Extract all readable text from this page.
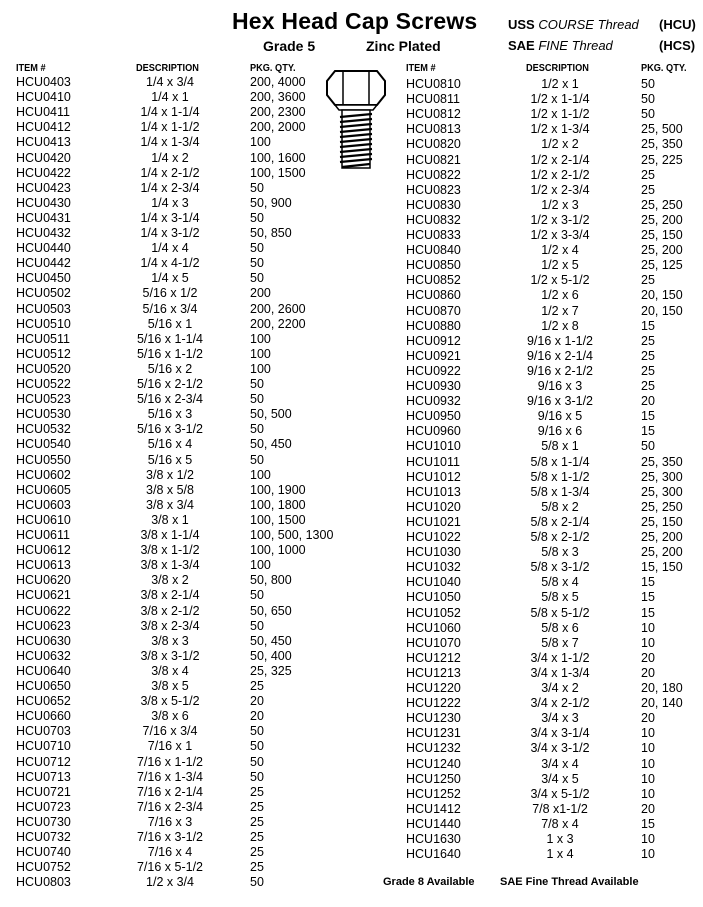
Hex Head Cap Screws
Grade 5	Zinc Plated
USS COURSE Thread (HCU)
SAE FINE Thread	(HCS)
ITEM #	DESCRIPTION	PKG. QTY.	ITEM #	DESCRIPTION	PKG. QTY.
HCU0403	1/4 x 3/4	200, 4000
HCU0410	1/4 x 1	200, 3600
HCU0411	1/4 x 1-1/4	200, 2300
HCU0412	1/4 x 1-1/2	200, 2000
HCU0413	1/4 x 1-3/4	100
HCU0420	1/4 x 2	100, 1600
HCU0422	1/4 x 2-1/2	100, 1500
HCU0423	1/4 x 2-3/4	50
HCU0430	1/4 x 3	50, 900
HCU0431	1/4 x 3-1/4	50
HCU0432	1/4 x 3-1/2	50, 850
HCU0440	1/4 x 4	50
HCU0442	1/4 x 4-1/2	50
HCU0450	1/4 x 5	50
HCU0502	5/16 x 1/2	200
HCU0503	5/16 x 3/4	200, 2600
HCU0510	5/16 x 1	200, 2200
HCU0511	5/16 x 1-1/4	100
HCU0512	5/16 x 1-1/2	100
HCU0520	5/16 x 2	100
HCU0522	5/16 x 2-1/2	50
HCU0523	5/16 x 2-3/4	50
HCU0530	5/16 x 3	50, 500
HCU0532	5/16 x 3-1/2	50
HCU0540	5/16 x 4	50, 450
HCU0550	5/16 x 5	50
HCU0602	3/8 x 1/2	100
HCU0605	3/8 x 5/8	100, 1900
HCU0603	3/8 x 3/4	100, 1800
HCU0610	3/8 x 1	100, 1500
HCU0611	3/8 x 1-1/4	100, 500, 1300
HCU0612	3/8 x 1-1/2	100, 1000
HCU0613	3/8 x 1-3/4	100
HCU0620	3/8 x 2	50, 800
HCU0621	3/8 x 2-1/4	50
HCU0622	3/8 x 2-1/2	50, 650
HCU0623	3/8 x 2-3/4	50
HCU0630	3/8 x 3	50, 450
HCU0632	3/8 x 3-1/2	50, 400
HCU0640	3/8 x 4	25, 325
HCU0650	3/8 x 5	25
HCU0652	3/8 x 5-1/2	20
HCU0660	3/8 x 6	20
HCU0703	7/16 x 3/4	50
HCU0710	7/16 x 1	50
HCU0712	7/16 x 1-1/2	50
HCU0713	7/16 x 1-3/4	50
HCU0721	7/16 x 2-1/4	25
HCU0723	7/16 x 2-3/4	25
HCU0730	7/16 x 3	25
HCU0732	7/16 x 3-1/2	25
HCU0740	7/16 x 4	25
HCU0752	7/16 x 5-1/2	25
HCU0803	1/2 x 3/4	50
HCU0810	1/2 x 1	50
HCU0811	1/2 x 1-1/4	50
HCU0812	1/2 x 1-1/2	50
HCU0813	1/2 x 1-3/4	25, 500
HCU0820	1/2 x 2	25, 350
HCU0821	1/2 x 2-1/4	25, 225
HCU0822	1/2 x 2-1/2	25
HCU0823	1/2 x 2-3/4	25
HCU0830	1/2 x 3	25, 250
HCU0832	1/2 x 3-1/2	25, 200
HCU0833	1/2 x 3-3/4	25, 150
HCU0840	1/2 x 4	25, 200
HCU0850	1/2 x 5	25, 125
HCU0852	1/2 x 5-1/2	25
HCU0860	1/2 x 6	20, 150
HCU0870	1/2 x 7	20, 150
HCU0880	1/2 x 8	15
HCU0912	9/16 x 1-1/2	25
HCU0921	9/16 x 2-1/4	25
HCU0922	9/16 x 2-1/2	25
HCU0930	9/16 x 3	25
HCU0932	9/16 x 3-1/2	20
HCU0950	9/16 x 5	15
HCU0960	9/16 x 6	15
HCU1010	5/8 x 1	50
HCU1011	5/8 x 1-1/4	25, 350
HCU1012	5/8 x 1-1/2	25, 300
HCU1013	5/8 x 1-3/4	25, 300
HCU1020	5/8 x 2	25, 250
HCU1021	5/8 x 2-1/4	25, 150
HCU1022	5/8 x 2-1/2	25, 200
HCU1030	5/8 x 3	25, 200
HCU1032	5/8 x 3-1/2	15, 150
HCU1040	5/8 x 4	15
HCU1050	5/8 x 5	15
HCU1052	5/8 x 5-1/2	15
HCU1060	5/8 x 6	10
HCU1070	5/8 x 7	10
HCU1212	3/4 x 1-1/2	20
HCU1213	3/4 x 1-3/4	20
HCU1220	3/4 x 2	20, 180
HCU1222	3/4 x 2-1/2	20, 140
HCU1230	3/4 x 3	20
HCU1231	3/4 x 3-1/4	10
HCU1232	3/4 x 3-1/2	10
HCU1240	3/4 x 4	10
HCU1250	3/4 x 5	10
HCU1252	3/4 x 5-1/2	10
HCU1412	7/8 x1-1/2	20
HCU1440	7/8 x 4	15
HCU1630	1 x 3	10
HCU1640	1 x 4	10
Grade 8 Available SAE Fine Thread Available
